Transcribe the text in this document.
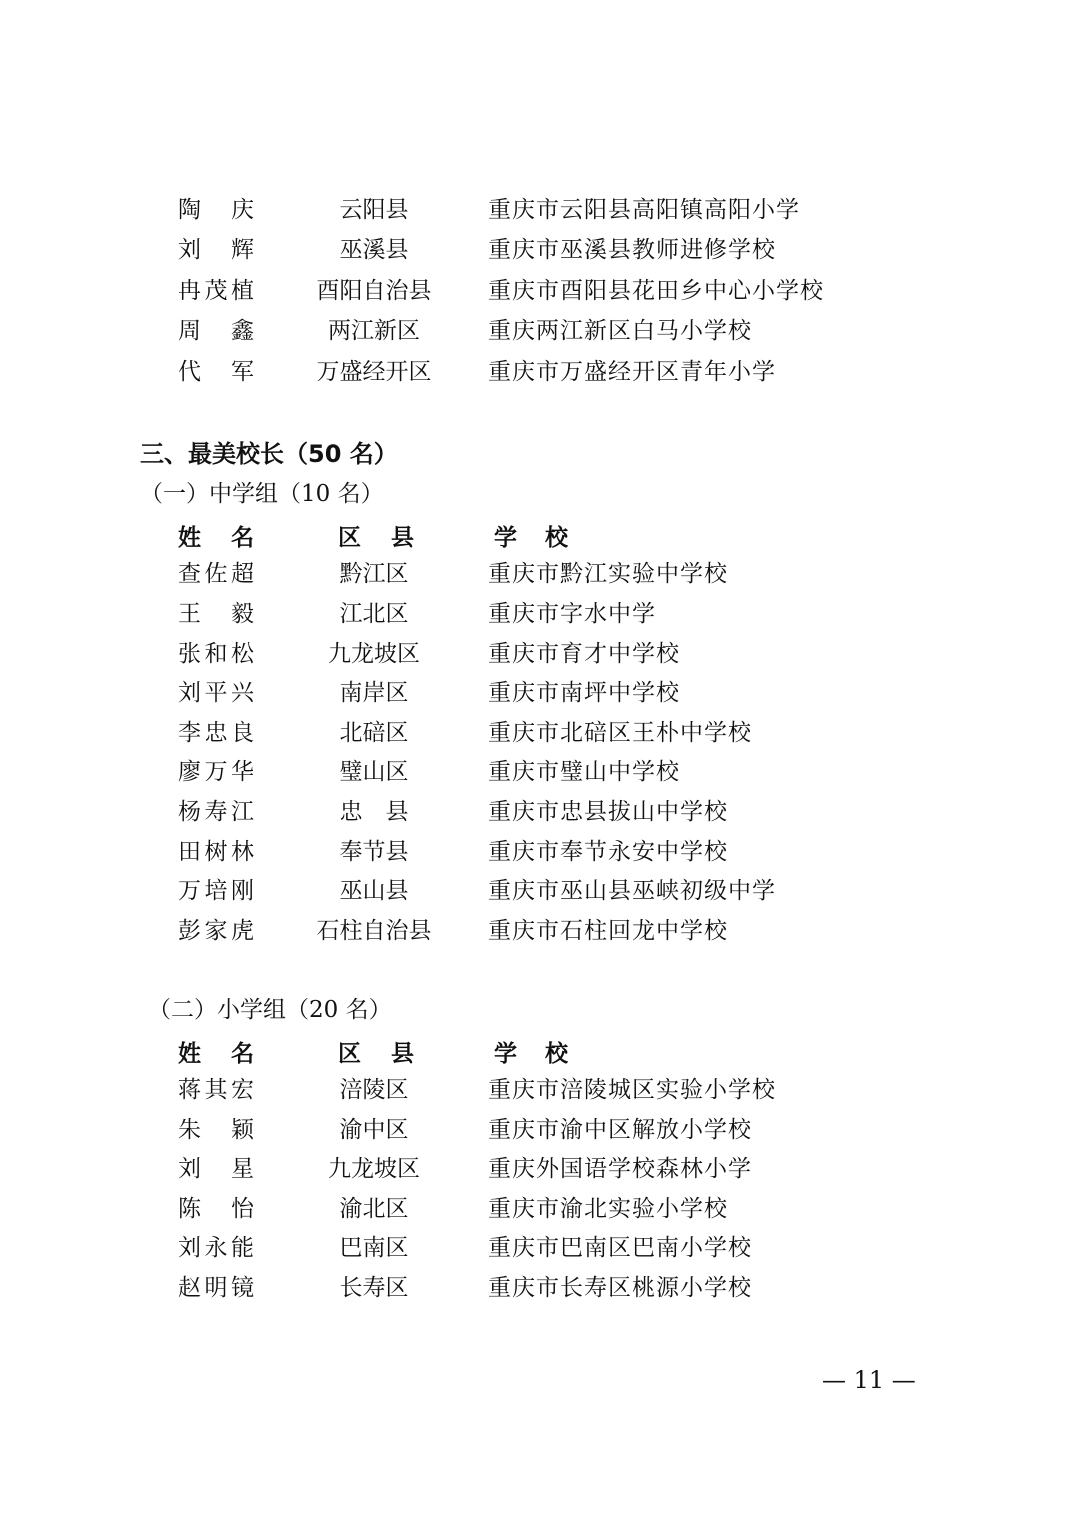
陶　庆	云阳县	重庆市云阳县高阳镇高阳小学
刘　辉	巫溪县	重庆市巫溪县教师进修学校
冉茂植	酉阳自治县	重庆市酉阳县花田乡中心小学校
周　鑫	两江新区	重庆两江新区白马小学校
代　军	万盛经开区	重庆市万盛经开区青年小学
三、最美校长（50 名）
（一）中学组（10 名）
姓名	区县	学校
查佐超	黔江区	重庆市黔江实验中学校
王　毅	江北区	重庆市字水中学
张和松	九龙坡区	重庆市育才中学校
刘平兴	南岸区	重庆市南坪中学校
李忠良	北碚区	重庆市北碚区王朴中学校
廖万华	璧山区	重庆市璧山中学校
杨寿江	忠　县	重庆市忠县拔山中学校
田树林	奉节县	重庆市奉节永安中学校
万培刚	巫山县	重庆市巫山县巫峡初级中学
彭家虎	石柱自治县	重庆市石柱回龙中学校
（二）小学组（20 名）
姓名	区县	学校
蒋其宏	涪陵区	重庆市涪陵城区实验小学校
朱　颖	渝中区	重庆市渝中区解放小学校
刘　星	九龙坡区	重庆外国语学校森林小学
陈　怡	渝北区	重庆市渝北实验小学校
刘永能	巴南区	重庆市巴南区巴南小学校
赵明镜	长寿区	重庆市长寿区桃源小学校
— 11 —
